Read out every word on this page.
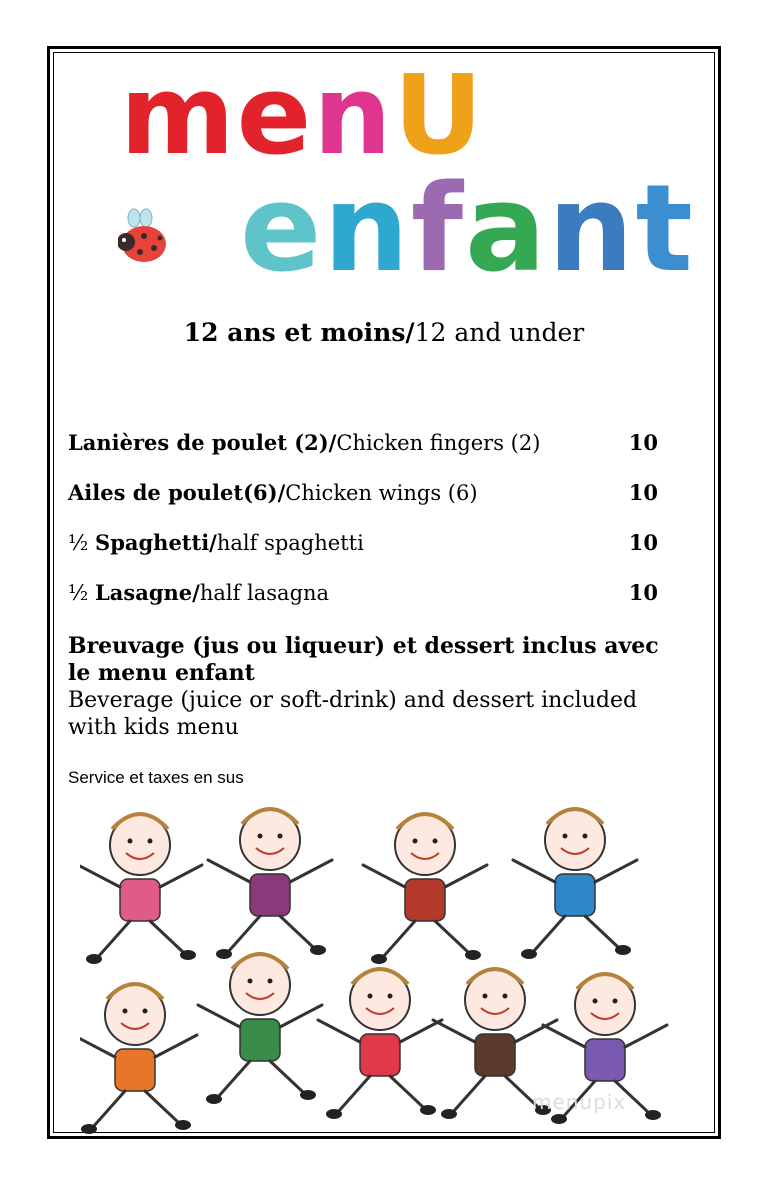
menU
enfant
12 ans et moins/12 and under
Lanières de poulet (2)/Chicken fingers (2)	10
Ailes de poulet(6)/Chicken wings (6)	10
½ Spaghetti/half spaghetti	10
½ Lasagne/half lasagna	10
Breuvage (jus ou liqueur) et dessert inclus avec le menu enfant
Beverage (juice or soft-drink) and dessert included with kids menu
Service et taxes en sus
menupix
